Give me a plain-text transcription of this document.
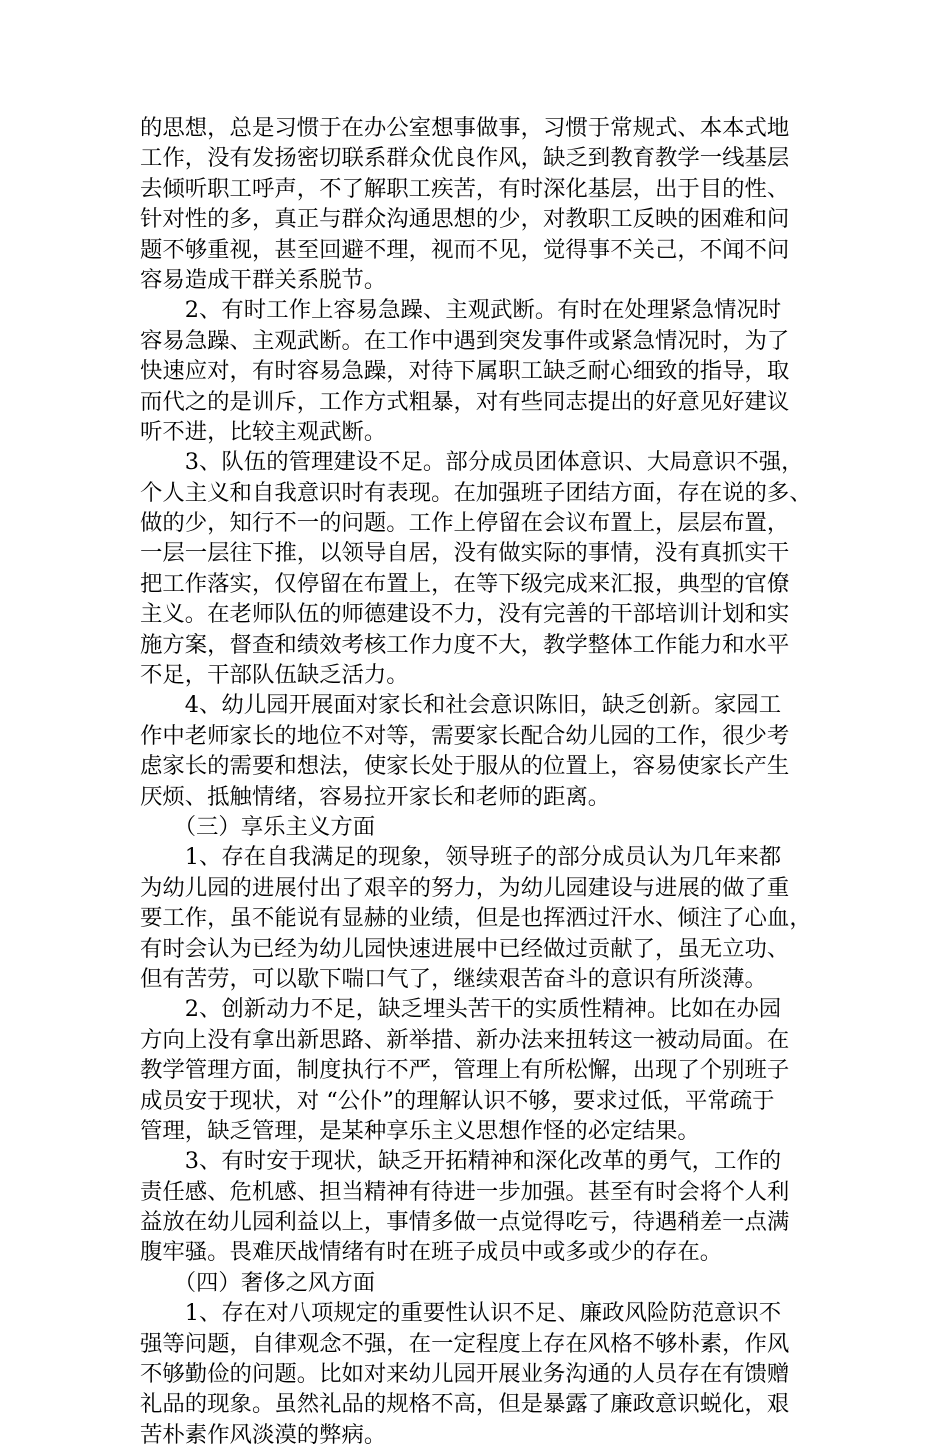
的思想，总是习惯于在办公室想事做事，习惯于常规式、本本式地
工作，没有发扬密切联系群众优良作风，缺乏到教育教学一线基层
去倾听职工呼声，不了解职工疾苦，有时深化基层，出于目的性、
针对性的多，真正与群众沟通思想的少，对教职工反映的困难和问
题不够重视，甚至回避不理，视而不见，觉得事不关己，不闻不问
容易造成干群关系脱节。
　　2、有时工作上容易急躁、主观武断。有时在处理紧急情况时
容易急躁、主观武断。在工作中遇到突发事件或紧急情况时，为了
快速应对，有时容易急躁，对待下属职工缺乏耐心细致的指导，取
而代之的是训斥，工作方式粗暴，对有些同志提出的好意见好建议
听不进，比较主观武断。
　　3、队伍的管理建设不足。部分成员团体意识、大局意识不强，
个人主义和自我意识时有表现。在加强班子团结方面，存在说的多、
做的少，知行不一的问题。工作上停留在会议布置上，层层布置，
一层一层往下推，以领导自居，没有做实际的事情，没有真抓实干
把工作落实，仅停留在布置上，在等下级完成来汇报，典型的官僚
主义。在老师队伍的师德建设不力，没有完善的干部培训计划和实
施方案，督查和绩效考核工作力度不大，教学整体工作能力和水平
不足，干部队伍缺乏活力。
　　4、幼儿园开展面对家长和社会意识陈旧，缺乏创新。家园工
作中老师家长的地位不对等，需要家长配合幼儿园的工作，很少考
虑家长的需要和想法，使家长处于服从的位置上，容易使家长产生
厌烦、抵触情绪，容易拉开家长和老师的距离。
　　（三）享乐主义方面
　　1、存在自我满足的现象，领导班子的部分成员认为几年来都
为幼儿园的进展付出了艰辛的努力，为幼儿园建设与进展的做了重
要工作，虽不能说有显赫的业绩，但是也挥洒过汗水、倾注了心血，
有时会认为已经为幼儿园快速进展中已经做过贡献了，虽无立功、
但有苦劳，可以歇下喘口气了，继续艰苦奋斗的意识有所淡薄。
　　2、创新动力不足，缺乏埋头苦干的实质性精神。比如在办园
方向上没有拿出新思路、新举措、新办法来扭转这一被动局面。在
教学管理方面，制度执行不严，管理上有所松懈，出现了个别班子
成员安于现状，对 “公仆”的理解认识不够，要求过低，平常疏于
管理，缺乏管理，是某种享乐主义思想作怪的必定结果。
　　3、有时安于现状，缺乏开拓精神和深化改革的勇气，工作的
责任感、危机感、担当精神有待进一步加强。甚至有时会将个人利
益放在幼儿园利益以上，事情多做一点觉得吃亏，待遇稍差一点满
腹牢骚。畏难厌战情绪有时在班子成员中或多或少的存在。
　　（四）奢侈之风方面
　　1、存在对八项规定的重要性认识不足、廉政风险防范意识不
强等问题，自律观念不强，在一定程度上存在风格不够朴素，作风
不够勤俭的问题。比如对来幼儿园开展业务沟通的人员存在有馈赠
礼品的现象。虽然礼品的规格不高，但是暴露了廉政意识蜕化，艰
苦朴素作风淡漠的弊病。
